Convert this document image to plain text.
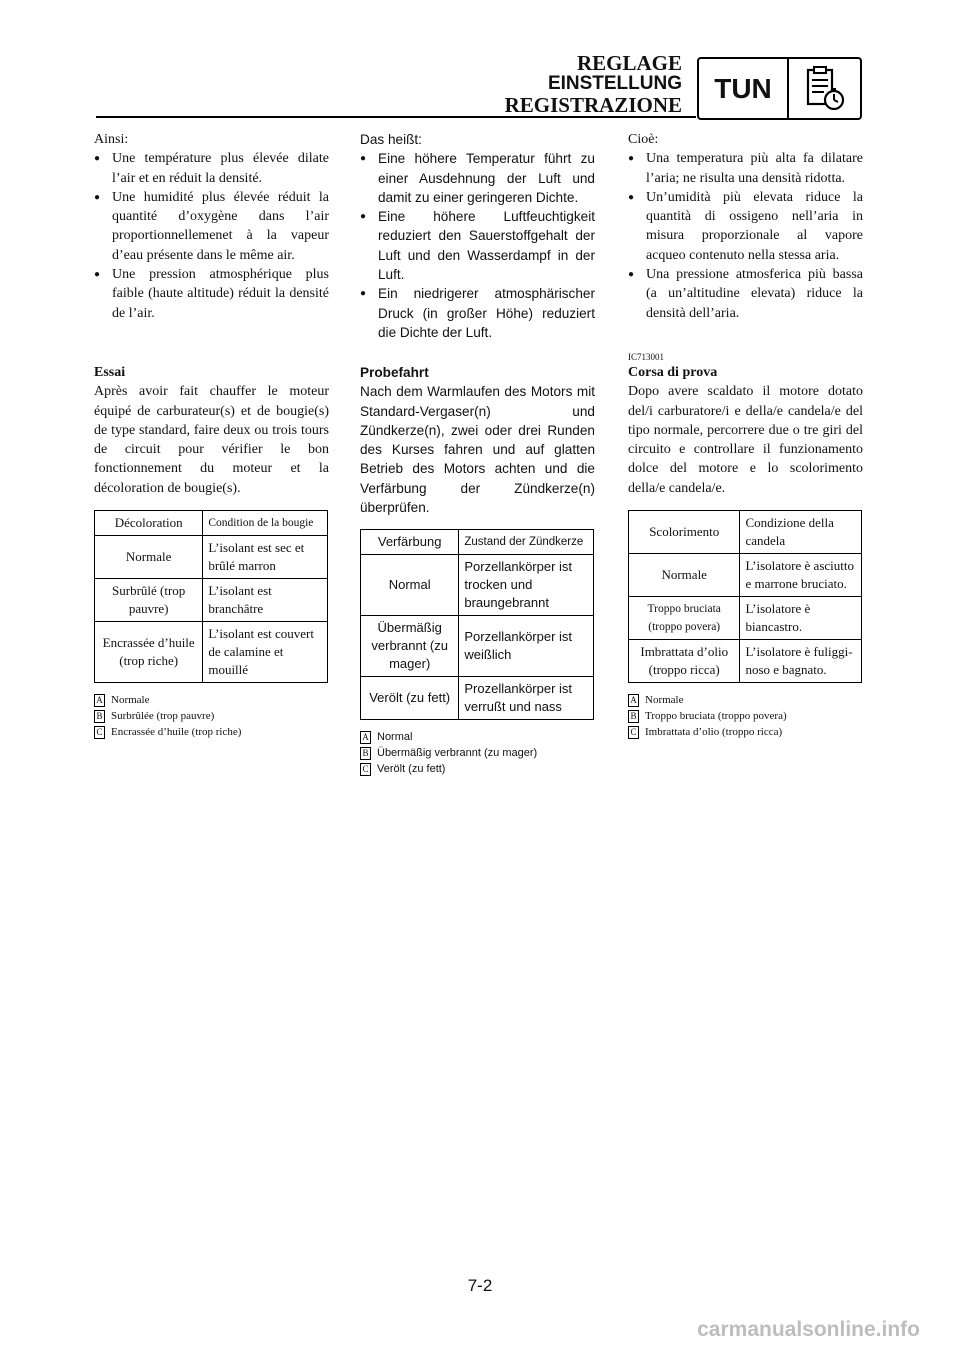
REGLAGE
EINSTELLUNG
REGISTRAZIONE
TUN
Ainsi:
● Une température plus élevée dilate l’air et en réduit la densité.
● Une humidité plus élevée réduit la quantité d’oxygène dans l’air proportionnellemenet à la vapeur d’eau présente dans le même air.
● Une pression atmosphérique plus faible (haute altitude) réduit la densité de l’air.
Essai
Après avoir fait chauffer le moteur équipé de carburateur(s) et de bougie(s) de type standard, faire deux ou trois tours de circuit pour vérifier le bon fonctionnement du moteur et la décoloration de bougie(s).
Décoloration	Condition de la bougie
Normale	L’isolant est sec et brûlé marron
Surbrûlé (trop pauvre)	L’isolant est branchâtre
Encrassée d’huile (trop riche)	L’isolant est couvert de calamine et mouillé
A Normale
B Surbrûlée (trop pauvre)
C Encrassée d’huile (trop riche)
Das heißt:
● Eine höhere Temperatur führt zu einer Ausdehnung der Luft und damit zu einer geringeren Dichte.
● Eine höhere Luftfeuchtigkeit reduziert den Sauerstoffgehalt der Luft und den Wasserdampf in der Luft.
● Ein niedrigerer atmosphärischer Druck (in großer Höhe) reduziert die Dichte der Luft.
Probefahrt
Nach dem Warmlaufen des Motors mit Standard-Vergaser(n) und Zündkerze(n), zwei oder drei Runden des Kurses fahren und auf glatten Betrieb des Motors achten und die Verfärbung der Zündkerze(n) überprüfen.
Verfärbung	Zustand der Zündkerze
Normal	Porzellankörper ist trocken und braungebrannt
Übermäßig verbrannt (zu mager)	Porzellankörper ist weißlich
Verölt (zu fett)	Prozellankörper ist verrußt und nass
A Normal
B Übermäßig verbrannt (zu mager)
C Verölt (zu fett)
Cioè:
● Una temperatura più alta fa dilatare l’aria; ne risulta una densità ridotta.
● Un’umidità più elevata riduce la quantità di ossigeno nell’aria in misura proporzionale al vapore acqueo contenuto nella stessa aria.
● Una pressione atmosferica più bassa (a un’altitudine elevata) riduce la densità dell’aria.
IC713001
Corsa di prova
Dopo avere scaldato il motore dotato del/i carburatore/i e della/e candela/e del tipo normale, percorrere due o tre giri del circuito e controllare il funzionamento dolce del motore e lo scolorimento della/e candela/e.
Scolorimento	Condizione della candela
Normale	L’isolatore è asciutto e marrone bruciato.
Troppo bruciata (troppo povera)	L’isolatore è biancastro.
Imbrattata d’olio (troppo ricca)	L’isolatore è fuliggi-noso e bagnato.
A Normale
B Troppo bruciata (troppo povera)
C Imbrattata d’olio (troppo ricca)
7-2
carmanualsonline.info
